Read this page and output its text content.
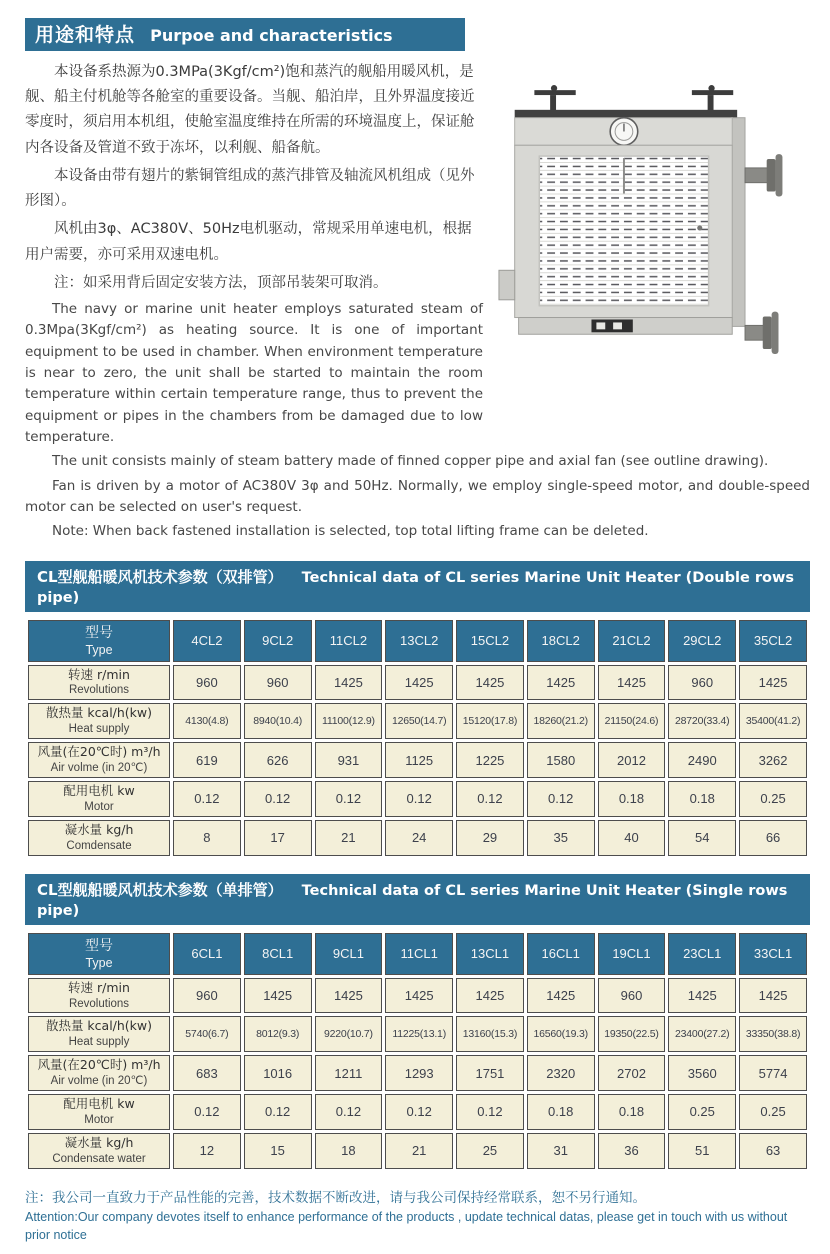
用途和特点 Purpoe and characteristics

本设备系热源为0.3MPa(3Kgf/cm²)饱和蒸汽的舰船用暖风机，是舰、船主付机舱等各舱室的重要设备。当舰、船泊岸，且外界温度接近零度时，须启用本机组，使舱室温度维持在所需的环境温度上，保证舱内各设备及管道不致于冻坏，以利舰、船备航。

本设备由带有翅片的紫铜管组成的蒸汽排管及轴流风机组成（见外形图）。

风机由3φ、AC380V、50Hz电机驱动，常规采用单速电机，根据用户需要，亦可采用双速电机。

注：如采用背后固定安装方法，顶部吊装架可取消。

The navy or marine unit heater employs saturated steam of 0.3Mpa(3Kgf/cm²) as heating source. It is one of important equipment to be used in chamber. When environment temperature is near to zero, the unit shall be started to maintain the room temperature within certain temperature range, thus to prevent the equipment or pipes in the chambers from be damaged due to low temperature.

The unit consists mainly of steam battery made of finned copper pipe and axial fan (see outline drawing).

Fan is driven by a motor of AC380V 3φ and 50Hz. Normally, we employ single-speed motor, and double-speed motor can be selected on user's request.

Note: When back fastened installation is selected, top total lifting frame can be deleted.

CL型舰船暖风机技术参数（双排管） Technical data of CL series Marine Unit Heater (Double rows pipe)
型号
Type	4CL2	9CL2	11CL2	13CL2	15CL2	18CL2	21CL2	29CL2	35CL2

转速 r/min
Revolutions	960	960	1425	1425	1425	1425	1425	960	1425

散热量 kcal/h(kw)
Heat supply	4130(4.8)	8940(10.4)	11100(12.9)	12650(14.7)	15120(17.8)	18260(21.2)	21150(24.6)	28720(33.4)	35400(41.2)

风量(在20℃时) m³/h
Air volme (in 20℃)	619	626	931	1125	1225	1580	2012	2490	3262

配用电机 kw
Motor	0.12	0.12	0.12	0.12	0.12	0.12	0.18	0.18	0.25

凝水量 kg/h
Comdensate	8	17	21	24	29	35	40	54	66
CL型舰船暖风机技术参数（单排管） Technical data of CL series Marine Unit Heater (Single rows pipe)
型号
Type	6CL1	8CL1	9CL1	11CL1	13CL1	16CL1	19CL1	23CL1	33CL1

转速 r/min
Revolutions	960	1425	1425	1425	1425	1425	960	1425	1425

散热量 kcal/h(kw)
Heat supply	5740(6.7)	8012(9.3)	9220(10.7)	11225(13.1)	13160(15.3)	16560(19.3)	19350(22.5)	23400(27.2)	33350(38.8)

风量(在20℃时) m³/h
Air volme (in 20℃)	683	1016	1211	1293	1751	2320	2702	3560	5774

配用电机 kw
Motor	0.12	0.12	0.12	0.12	0.12	0.18	0.18	0.25	0.25

凝水量 kg/h
Condensate water	12	15	18	21	25	31	36	51	63
注：我公司一直致力于产品性能的完善，技术数据不断改进，请与我公司保持经常联系，恕不另行通知。
Attention:Our company devotes itself to enhance performance of the products , update technical datas, please get in touch with us without prior notice
